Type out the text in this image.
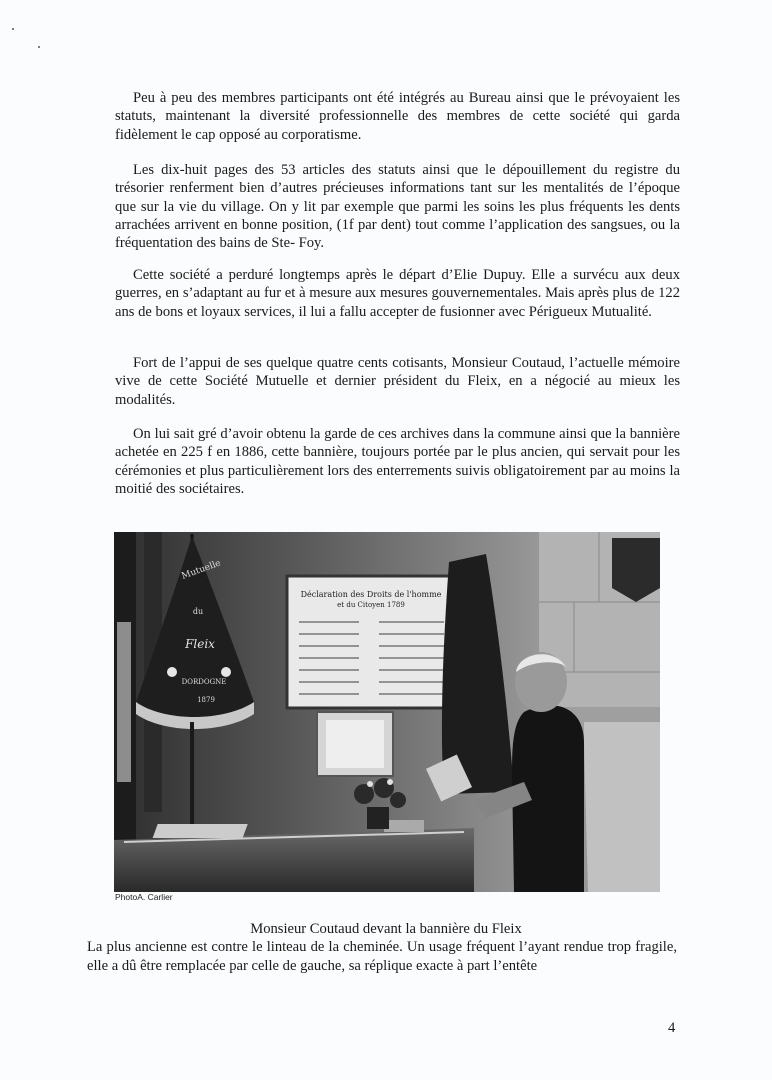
Peu à peu des membres participants ont été intégrés au Bureau ainsi que le prévoyaient les statuts, maintenant la diversité professionnelle des membres de cette société qui garda fidèlement le cap opposé au corporatisme.

Les dix-huit pages des 53 articles des statuts ainsi que le dépouillement du registre du trésorier renferment bien d’autres précieuses informations tant sur les mentalités de l’époque que sur la vie du village. On y lit par exemple que parmi les soins les plus fréquents les dents arrachées arrivent en bonne position, (1f par dent) tout comme l’application des sangsues, ou la fréquentation des bains de Ste- Foy.

Cette société a perduré longtemps après le départ d’Elie Dupuy. Elle a survécu aux deux guerres, en s’adaptant au fur et à mesure aux mesures gouvernementales. Mais après plus de 122 ans de bons et loyaux services, il lui a fallu accepter de fusionner avec Périgueux Mutualité.

Fort de l’appui de ses quelque quatre cents cotisants, Monsieur Coutaud, l’actuelle mémoire vive de cette Société Mutuelle et dernier président du Fleix, en a négocié au mieux les modalités.

On lui sait gré d’avoir obtenu la garde de ces archives dans la commune ainsi que la bannière achetée en 225 f en 1886, cette bannière, toujours portée par le plus ancien, qui servait pour les cérémonies et plus particulièrement lors des enterrements suivis obligatoirement par au moins la moitié des sociétaires.

Déclaration des Droits de l'homme
et du Citoyen 1789
Mutuelle
du
Fleix
DORDOGNE
1879
PhotoA. Carlier
Monsieur Coutaud devant la bannière du Fleix

La plus ancienne est contre le linteau de la cheminée. Un usage fréquent l’ayant rendue trop fragile, elle a dû être remplacée par celle de gauche, sa réplique exacte à part l’entête

4
